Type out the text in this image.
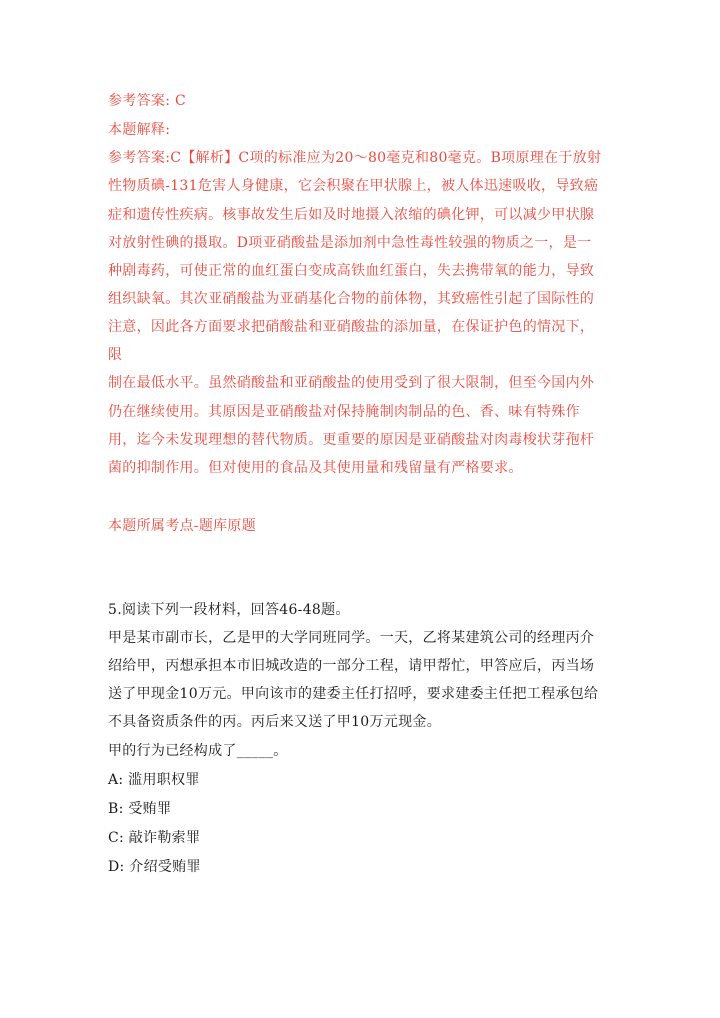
参考答案: C
本题解释:
参考答案:C【解析】C项的标准应为20～80毫克和80毫克。B项原理在于放射
性物质碘-131危害人身健康，它会积聚在甲状腺上，被人体迅速吸收，导致癌
症和遗传性疾病。核事故发生后如及时地摄入浓缩的碘化钾，可以减少甲状腺
对放射性碘的摄取。D项亚硝酸盐是添加剂中急性毒性较强的物质之一，是一
种剧毒药，可使正常的血红蛋白变成高铁血红蛋白，失去携带氧的能力，导致
组织缺氧。其次亚硝酸盐为亚硝基化合物的前体物，其致癌性引起了国际性的
注意，因此各方面要求把硝酸盐和亚硝酸盐的添加量，在保证护色的情况下，
限
制在最低水平。虽然硝酸盐和亚硝酸盐的使用受到了很大限制，但至今国内外
仍在继续使用。其原因是亚硝酸盐对保持腌制肉制品的色、香、味有特殊作
用，迄今未发现理想的替代物质。更重要的原因是亚硝酸盐对肉毒梭状芽孢杆
菌的抑制作用。但对使用的食品及其使用量和残留量有严格要求。
本题所属考点-题库原题
5.阅读下列一段材料，回答46-48题。
甲是某市副市长，乙是甲的大学同班同学。一天，乙将某建筑公司的经理丙介
绍给甲，丙想承担本市旧城改造的一部分工程，请甲帮忙，甲答应后，丙当场
送了甲现金10万元。甲向该市的建委主任打招呼，要求建委主任把工程承包给
不具备资质条件的丙。丙后来又送了甲10万元现金。
甲的行为已经构成了_____。
A: 滥用职权罪
B: 受贿罪
C: 敲诈勒索罪
D: 介绍受贿罪
